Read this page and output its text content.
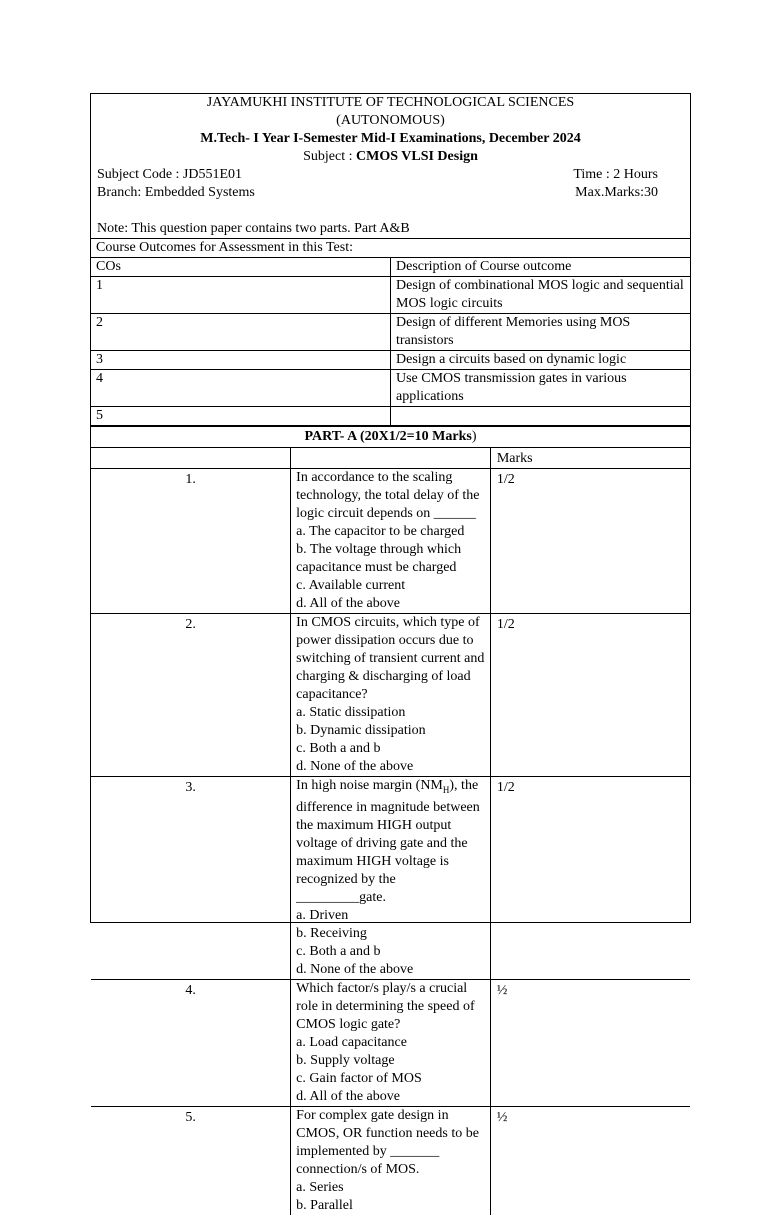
JAYAMUKHI INSTITUTE OF TECHNOLOGICAL SCIENCES
(AUTONOMOUS)
M.Tech- I Year I-Semester Mid-I Examinations, December 2024
Subject : CMOS VLSI Design
Subject Code : JD551E01	Time : 2 Hours
Branch: Embedded Systems	Max.Marks:30
Note: This question paper contains two parts. Part A&B
Course Outcomes for Assessment in this Test:	
COs	Description of Course outcome
1	Design of combinational MOS logic and sequential MOS logic circuits
2	Design of different Memories using MOS transistors
3	Design a circuits based on dynamic logic
4	Use CMOS transmission gates in various applications
5	
PART- A (20X1/2=10 Marks)		
		Marks
1.	In accordance to the scaling technology, the total delay of the logic circuit depends on ______
a. The capacitor to be charged
b. The voltage through which capacitance must be charged
c. Available current
d. All of the above	1/2
2.	In CMOS circuits, which type of power dissipation occurs due to switching of transient current and charging & discharging of load capacitance?
a. Static dissipation
b. Dynamic dissipation
c. Both a and b
d. None of the above	1/2
3.	In high noise margin $(NM_H)$, the difference in magnitude between the maximum HIGH output voltage of driving gate and the maximum HIGH voltage is recognized by the _________gate.
a. Driven
b. Receiving
c. Both a and b
d. None of the above	1/2
4.	Which factor/s play/s a crucial role in determining the speed of CMOS logic gate?
a. Load capacitance
b. Supply voltage
c. Gain factor of MOS
d. All of the above	½
5.	For complex gate design in CMOS, OR function needs to be implemented by _______ connection/s of MOS.
a. Series
b. Parallel	½
